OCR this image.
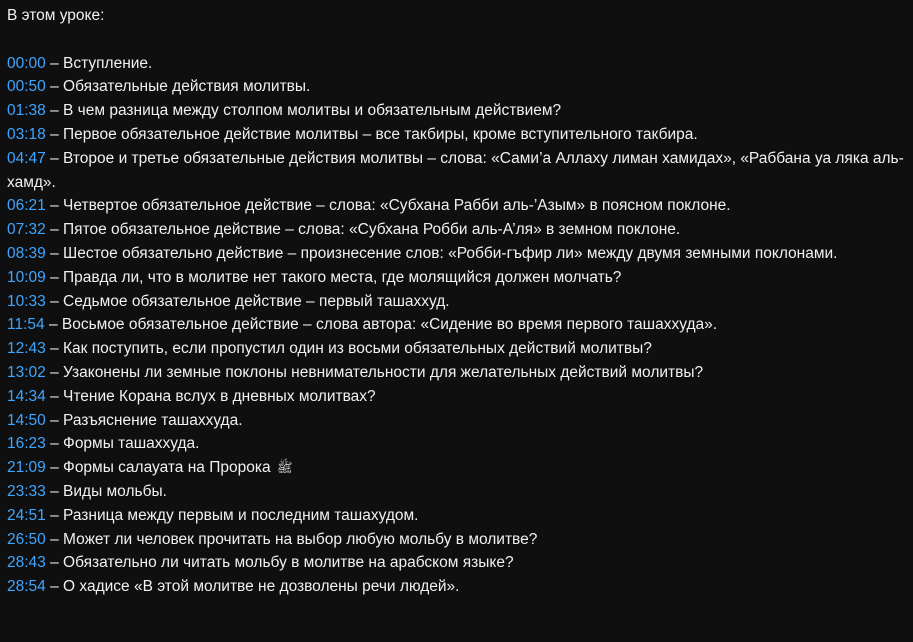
В этом уроке:
00:00 – Вступление.
00:50 – Обязательные действия молитвы.
01:38 – В чем разница между столпом молитвы и обязательным действием?
03:18 – Первое обязательное действие молитвы – все такбиры, кроме вступительного такбира.
04:47 – Второе и третье обязательные действия молитвы – слова: «Сами’а Аллаху лиман хамидах», «Раббана уа ляка аль-хамд».
06:21 – Четвертое обязательное действие – слова: «Субхана Рабби аль-’Азым» в поясном поклоне.
07:32 – Пятое обязательное действие – слова: «Субхана Робби аль-А’ля» в земном поклоне.
08:39 – Шестое обязательно действие – произнесение слов: «Робби-гъфир ли» между двумя земными поклонами.
10:09 – Правда ли, что в молитве нет такого места, где молящийся должен молчать?
10:33 – Седьмое обязательное действие – первый ташаххуд.
11:54 – Восьмое обязательное действие – слова автора: «Сидение во время первого ташаххуда».
12:43 – Как поступить, если пропустил один из восьми обязательных действий молитвы?
13:02 – Узаконены ли земные поклоны невнимательности для желательных действий молитвы?
14:34 – Чтение Корана вслух в дневных молитвах?
14:50 – Разъяснение ташаххуда.
16:23 – Формы ташаххуда.
21:09 – Формы салауата на Пророка ﷺ
23:33 – Виды мольбы.
24:51 – Разница между первым и последним ташахудом.
26:50 – Может ли человек прочитать на выбор любую мольбу в молитве?
28:43 – Обязательно ли читать мольбу в молитве на арабском языке?
28:54 – О хадисе «В этой молитве не дозволены речи людей».
